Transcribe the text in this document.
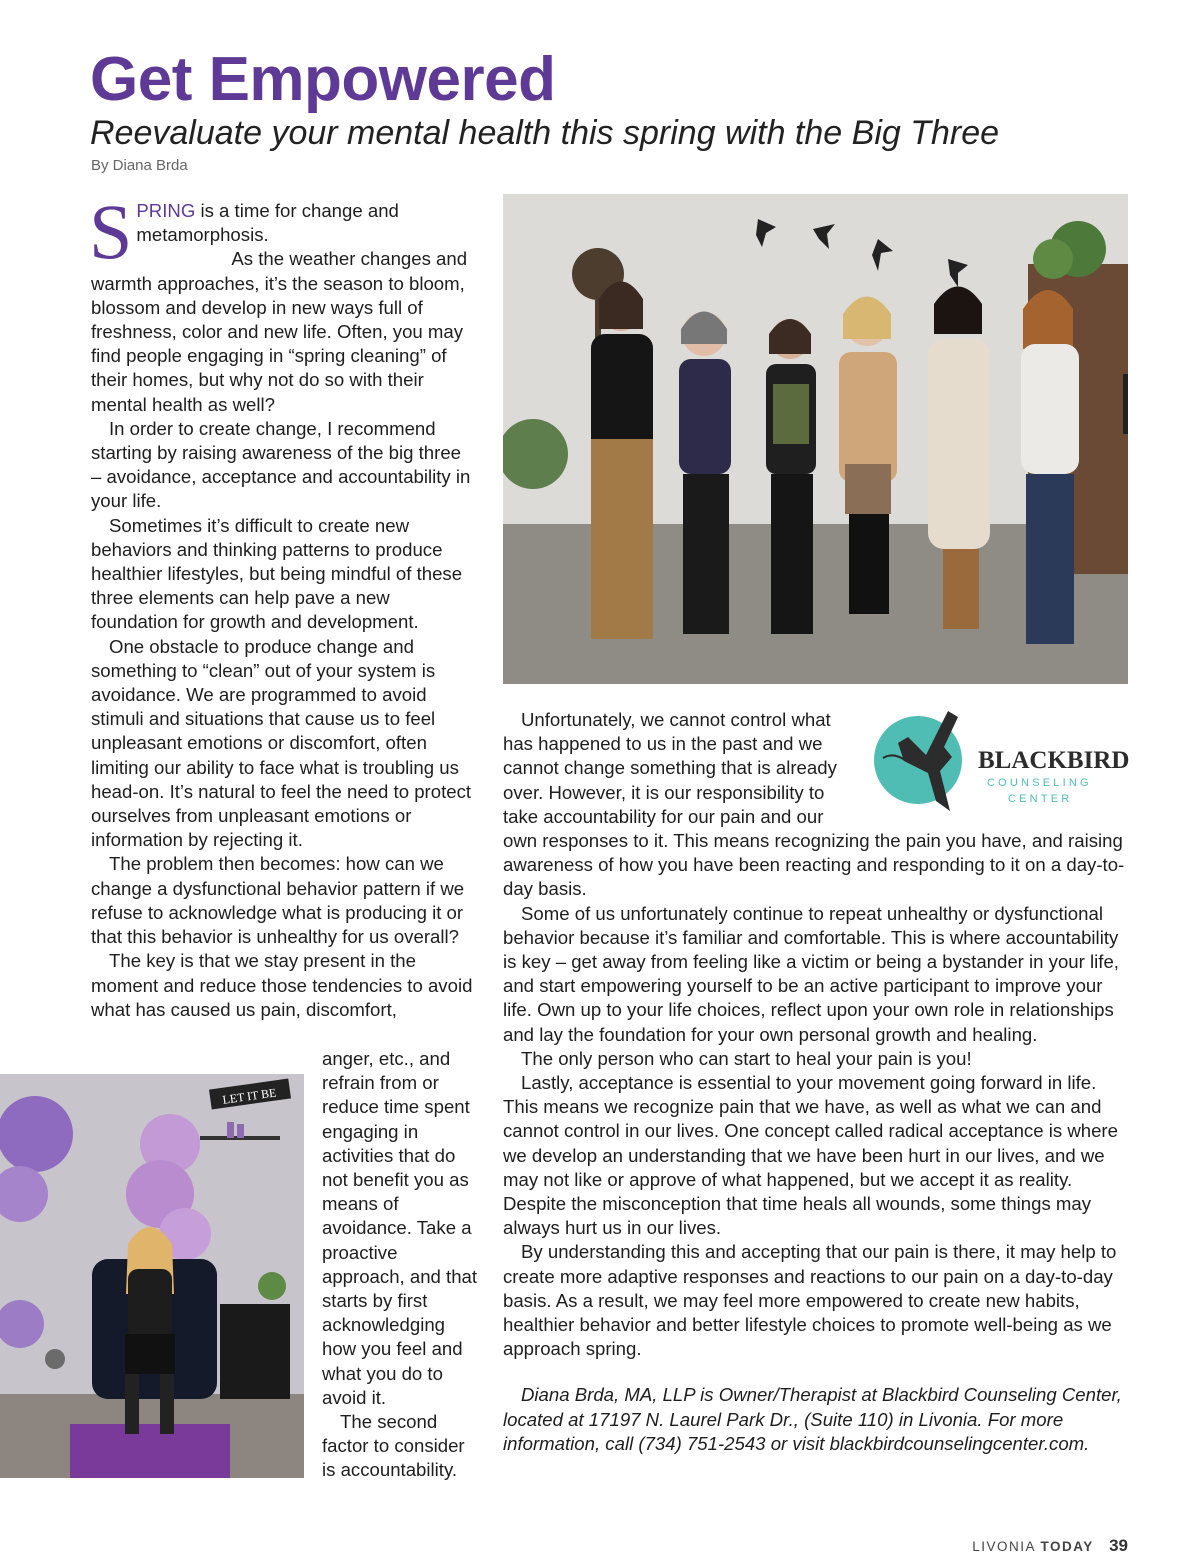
Get Empowered
Reevaluate your mental health this spring with the Big Three
By Diana Brda

SPRING is a time for change and metamorphosis.

As the weather changes and warmth approaches, it’s the season to bloom, blossom and develop in new ways full of freshness, color and new life. Often, you may find people engaging in “spring cleaning” of their homes, but why not do so with their mental health as well?

In order to create change, I recommend starting by raising awareness of the big three – avoidance, acceptance and accountability in your life.

Sometimes it’s difficult to create new behaviors and thinking patterns to produce healthier lifestyles, but being mindful of these three elements can help pave a new foundation for growth and development.

One obstacle to produce change and something to “clean” out of your system is avoidance. We are programmed to avoid stimuli and situations that cause us to feel unpleasant emotions or discomfort, often limiting our ability to face what is troubling us head-on. It’s natural to feel the need to protect ourselves from unpleasant emotions or information by rejecting it.

The problem then becomes: how can we change a dysfunctional behavior pattern if we refuse to acknowledge what is producing it or that this behavior is unhealthy for us overall?

The key is that we stay present in the moment and reduce those tendencies to avoid what has caused us pain, discomfort,

anger, etc., and refrain from or reduce time spent engaging in activities that do not benefit you as means of avoidance. Take a proactive approach, and that starts by first acknowledging how you feel and what you do to avoid it.

The second factor to consider is accountability.

BLACKBIRD
COUNSELING
CENTER

Unfortunately, we cannot control what has happened to us in the past and we cannot change something that is already over. However, it is our responsibility to take accountability for our pain and our own responses to it. This means recognizing the pain you have, and raising awareness of how you have been reacting and responding to it on a day-to-day basis.

Some of us unfortunately continue to repeat unhealthy or dysfunctional behavior because it’s familiar and comfortable. This is where accountability is key – get away from feeling like a victim or being a bystander in your life, and start empowering yourself to be an active participant to improve your life. Own up to your life choices, reflect upon your own role in relationships and lay the foundation for your own personal growth and healing.

The only person who can start to heal your pain is you!

Lastly, acceptance is essential to your movement going forward in life. This means we recognize pain that we have, as well as what we can and cannot control in our lives. One concept called radical acceptance is where we develop an understanding that we have been hurt in our lives, and we may not like or approve of what happened, but we accept it as reality. Despite the misconception that time heals all wounds, some things may always hurt us in our lives.

By understanding this and accepting that our pain is there, it may help to create more adaptive responses and reactions to our pain on a day-to-day basis. As a result, we may feel more empowered to create new habits, healthier behavior and better lifestyle choices to promote well-being as we approach spring.

Diana Brda, MA, LLP is Owner/Therapist at Blackbird Counseling Center, located at 17197 N. Laurel Park Dr., (Suite 110) in Livonia. For more information, call (734) 751-2543 or visit blackbirdcounselingcenter.com.

LET IT BE
LIVONIA TODAY 39
